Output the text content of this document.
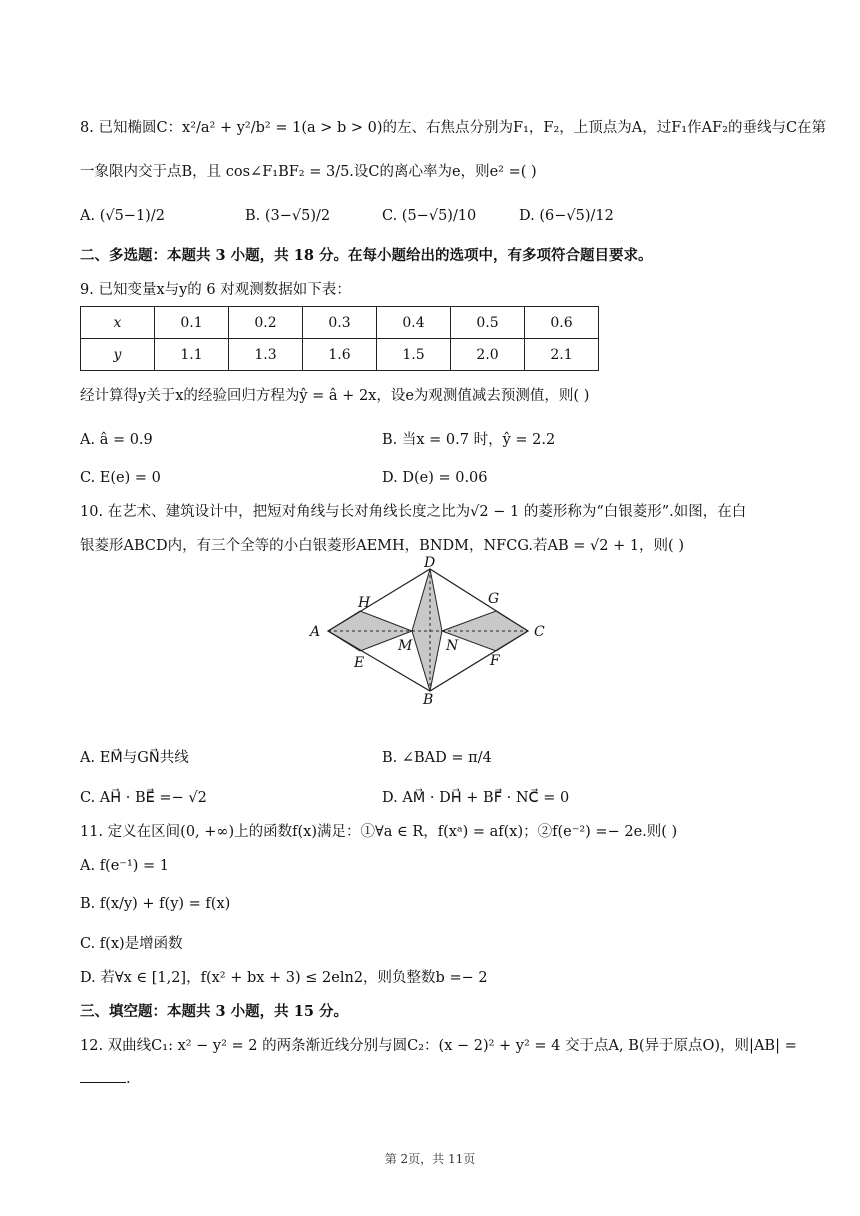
8. 已知椭圆C：x²/a² + y²/b² = 1(a > b > 0)的左、右焦点分别为F₁，F₂，上顶点为A，过F₁作AF₂的垂线与C在第
一象限内交于点B，且 cos∠F₁BF₂ = 3/5.设C的离心率为e，则e² =( )
A. (√5−1)/2	B. (3−√5)/2	C. (5−√5)/10	D. (6−√5)/12
二、多选题：本题共 3 小题，共 18 分。在每小题给出的选项中，有多项符合题目要求。
9. 已知变量x与y的 6 对观测数据如下表：
x	0.1	0.2	0.3	0.4	0.5	0.6
y	1.1	1.3	1.6	1.5	2.0	2.1
经计算得y关于x的经验回归方程为ŷ = â + 2x，设e为观测值减去预测值，则( )
A. â = 0.9	B. 当x = 0.7 时，ŷ = 2.2
C. E(e) = 0	D. D(e) = 0.06
10. 在艺术、建筑设计中，把短对角线与长对角线长度之比为√2 − 1 的菱形称为“白银菱形”.如图，在白
银菱形ABCD内，有三个全等的小白银菱形AEMH，BNDM，NFCG.若AB = √2 + 1，则( )
D
H	G
A	C
M N
E	F
B
A. EM⃗与GN⃗共线	B. ∠BAD = π/4
C. AH⃗ · BE⃗ =− √2	D. AM⃗ · DH⃗ + BF⃗ · NC⃗ = 0
11. 定义在区间(0, +∞)上的函数f(x)满足：①∀a ∈ R，f(xᵃ) = af(x)；②f(e⁻²) =− 2e.则( )
A. f(e⁻¹) = 1
B. f(x/y) + f(y) = f(x)
C. f(x)是增函数
D. 若∀x ∈ [1,2]，f(x² + bx + 3) ≤ 2eln2，则负整数b =− 2
三、填空题：本题共 3 小题，共 15 分。
12. 双曲线C₁: x² − y² = 2 的两条渐近线分别与圆C₂：(x − 2)² + y² = 4 交于点A, B(异于原点O)，则|AB| =
.
第 2页，共 11页
